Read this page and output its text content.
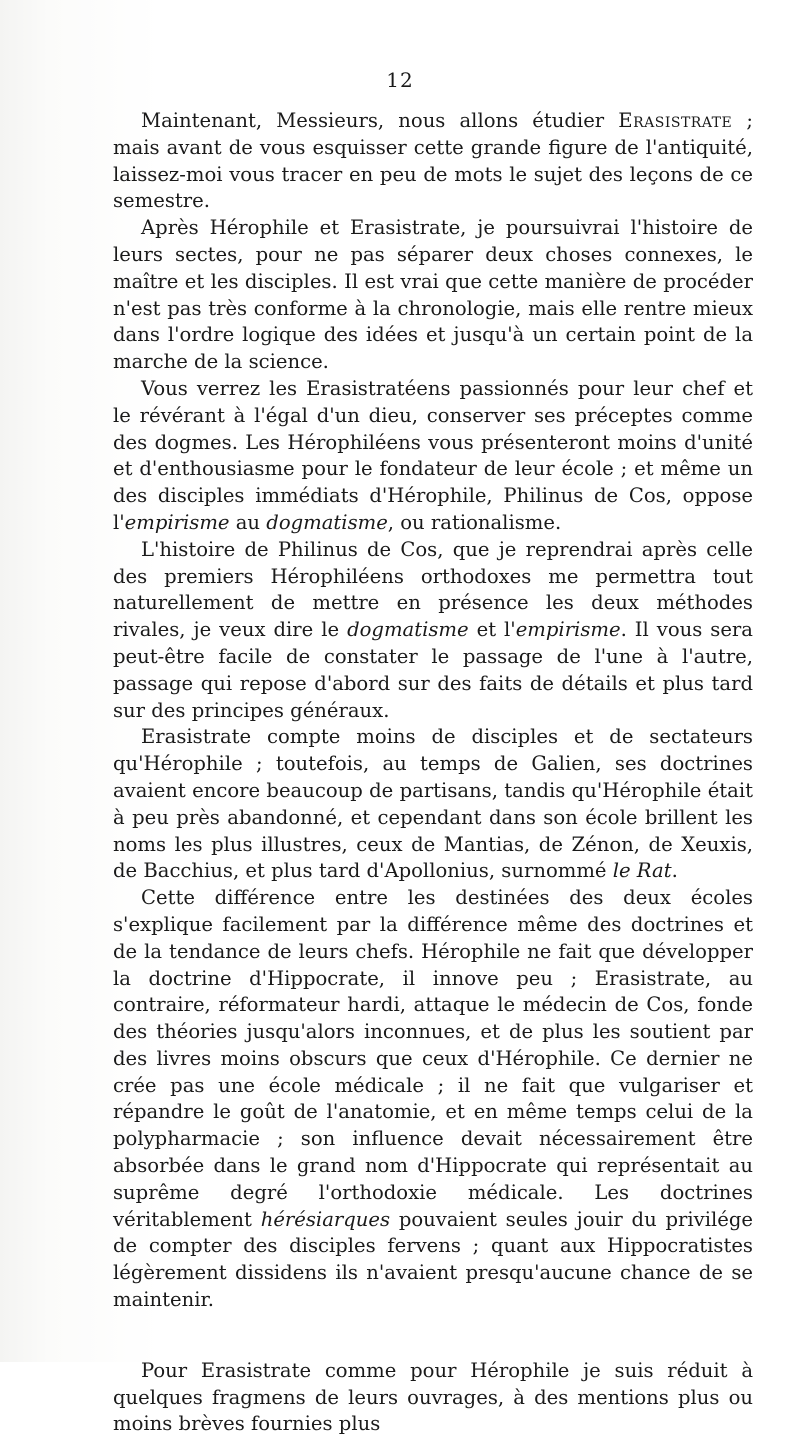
12

Maintenant, Messieurs, nous allons étudier Erasistrate ; mais avant de vous esquisser cette grande figure de l'antiquité, laissez-moi vous tracer en peu de mots le sujet des leçons de ce semestre.

Après Hérophile et Erasistrate, je poursuivrai l'histoire de leurs sectes, pour ne pas séparer deux choses connexes, le maître et les disciples. Il est vrai que cette manière de procéder n'est pas très conforme à la chronologie, mais elle rentre mieux dans l'ordre logique des idées et jusqu'à un certain point de la marche de la science.

Vous verrez les Erasistratéens passionnés pour leur chef et le révérant à l'égal d'un dieu, conserver ses préceptes comme des dogmes. Les Hérophiléens vous présenteront moins d'unité et d'enthousiasme pour le fondateur de leur école ; et même un des disciples immédiats d'Hérophile, Philinus de Cos, oppose l'empirisme au dogmatisme, ou rationalisme.

L'histoire de Philinus de Cos, que je reprendrai après celle des premiers Hérophiléens orthodoxes me permettra tout naturellement de mettre en présence les deux méthodes rivales, je veux dire le dogmatisme et l'empirisme. Il vous sera peut-être facile de constater le passage de l'une à l'autre, passage qui repose d'abord sur des faits de détails et plus tard sur des principes généraux.

Erasistrate compte moins de disciples et de sectateurs qu'Hérophile ; toutefois, au temps de Galien, ses doctrines avaient encore beaucoup de partisans, tandis qu'Hérophile était à peu près abandonné, et cependant dans son école brillent les noms les plus illustres, ceux de Mantias, de Zénon, de Xeuxis, de Bacchius, et plus tard d'Apollonius, surnommé le Rat.

Cette différence entre les destinées des deux écoles s'explique facilement par la différence même des doctrines et de la tendance de leurs chefs. Hérophile ne fait que développer la doctrine d'Hippocrate, il innove peu ; Erasistrate, au contraire, réformateur hardi, attaque le médecin de Cos, fonde des théories jusqu'alors inconnues, et de plus les soutient par des livres moins obscurs que ceux d'Hérophile. Ce dernier ne crée pas une école médicale ; il ne fait que vulgariser et répandre le goût de l'anatomie, et en même temps celui de la polypharmacie ; son influence devait nécessairement être absorbée dans le grand nom d'Hippocrate qui représentait au suprême degré l'orthodoxie médicale. Les doctrines véritablement hérésiarques pouvaient seules jouir du privilége de compter des disciples fervens ; quant aux Hippocratistes légèrement dissidens ils n'avaient presqu'aucune chance de se maintenir.

Pour Erasistrate comme pour Hérophile je suis réduit à quelques fragmens de leurs ouvrages, à des mentions plus ou moins brèves fournies plus
